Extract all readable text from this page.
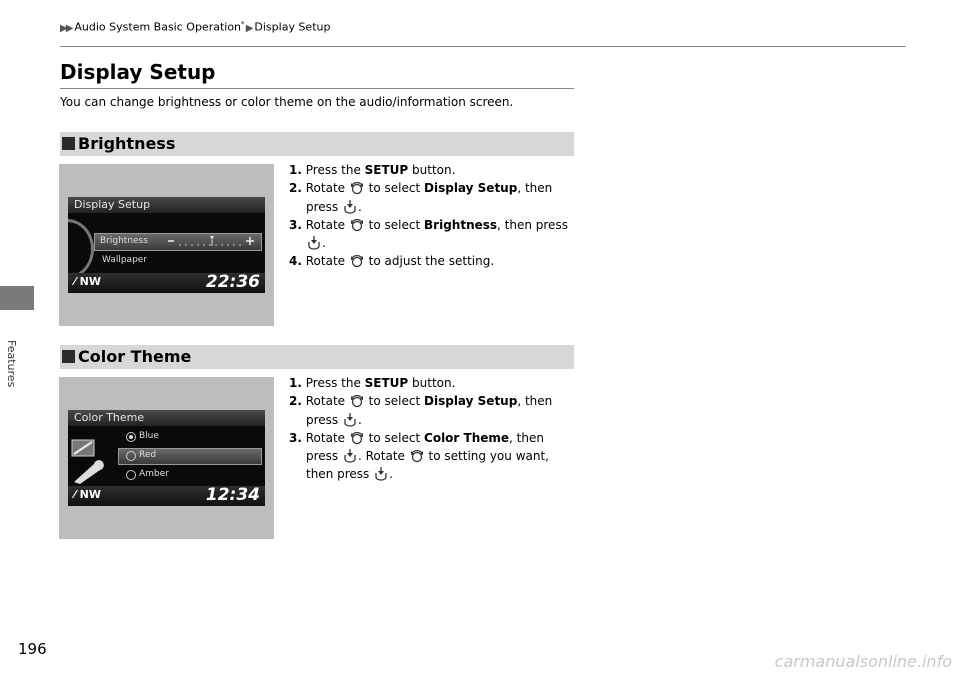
▶▶ Audio System Basic Operation* ▶ Display Setup
Features
Display Setup

You can change brightness or color theme on the audio/information screen.

Brightness
Display Setup
Brightness
Wallpaper
⁄ NW	22:36
1. Press the SETUP button.
2. Rotate  to select Display Setup, then press .
3. Rotate  to select Brightness, then press .
4. Rotate  to adjust the setting.
Color Theme
Color Theme
Blue
Red
Amber
⁄ NW	12:34
1. Press the SETUP button.
2. Rotate  to select Display Setup, then press .
3. Rotate  to select Color Theme, then press . Rotate  to setting you want, then press .
196
carmanualsonline.info
